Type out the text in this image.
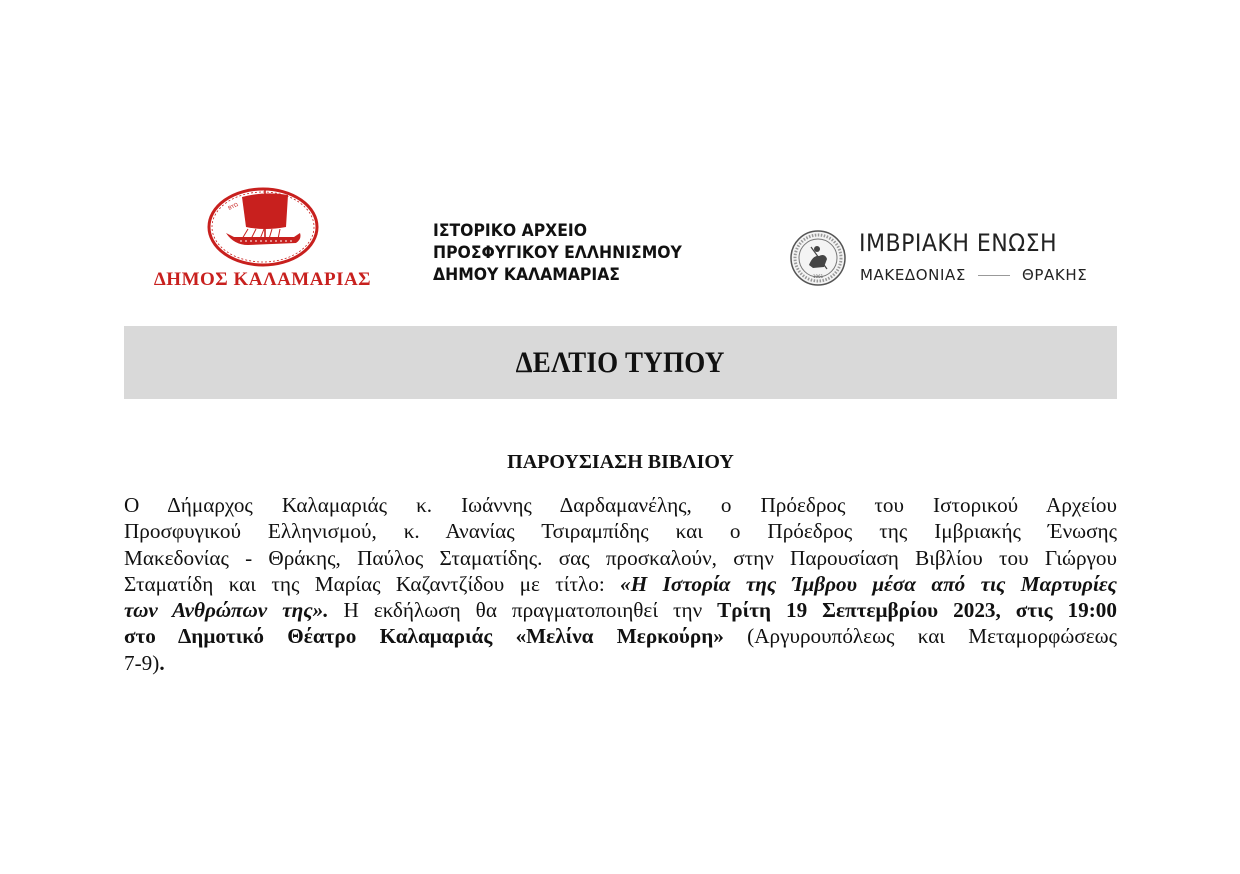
ΒΥΩ
ΔΗΜΟΣ ΚΑΛΑΜΑΡΙΑΣ
ΙΣΤΟΡΙΚΟ ΑΡΧΕΙΟ
ΠΡΟΣΦΥΓΙΚΟΥ ΕΛΛΗΝΙΣΜΟΥ
ΔΗΜΟΥ ΚΑΛΑΜΑΡΙΑΣ	1961
ΙΜΒΡΙΑΚΗ ΕΝΩΣΗ
ΜΑΚΕΔΟΝΙΑΣ	ΘΡΑΚΗΣ
ΔΕΛΤΙΟ ΤΥΠΟΥ
ΠΑΡΟΥΣΙΑΣΗ ΒΙΒΛΙΟΥ
Ο Δήμαρχος Καλαμαριάς κ. Ιωάννης Δαρδαμανέλης, ο Πρόεδρος του Ιστορικού Αρχείου
Προσφυγικού Ελληνισμού, κ. Ανανίας Τσιραμπίδης και ο Πρόεδρος της Ιμβριακής Ένωσης
Μακεδονίας - Θράκης, Παύλος Σταματίδης. σας προσκαλούν, στην Παρουσίαση Βιβλίου του Γιώργου
Σταματίδη και της Μαρίας Καζαντζίδου με τίτλο: «Η Ιστορία της Ίμβρου μέσα από τις Μαρτυρίες
των Ανθρώπων της». Η εκδήλωση θα πραγματοποιηθεί την Τρίτη 19 Σεπτεμβρίου 2023, στις 19:00
στο Δημοτικό Θέατρο Καλαμαριάς «Μελίνα Μερκούρη» (Αργυρουπόλεως και Μεταμορφώσεως
7-9).
